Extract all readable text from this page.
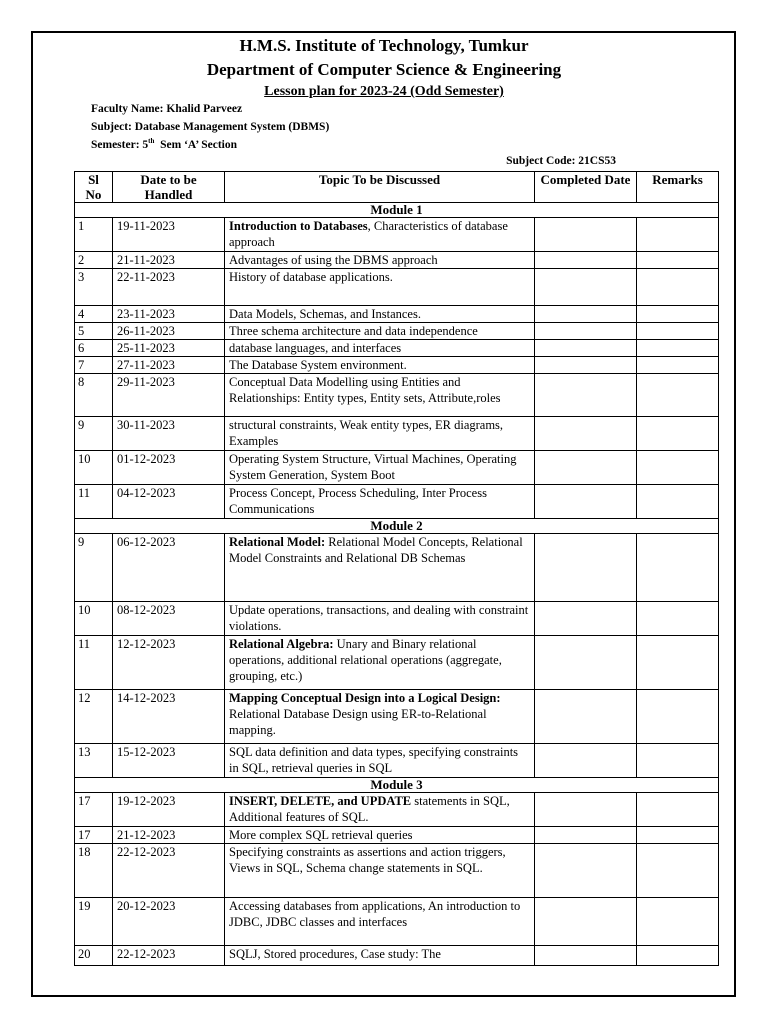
H.M.S. Institute of Technology, Tumkur
Department of Computer Science & Engineering
Lesson plan for 2023-24 (Odd Semester)
Faculty Name: Khalid Parveez
Subject: Database Management System (DBMS)
Semester: 5th  Sem ‘A’ Section
Subject Code: 21CS53
Sl No	Date to be Handled	Topic To be Discussed	Completed Date	Remarks
Module 1				
1	19-11-2023	Introduction to Databases, Characteristics of database approach		
2	21-11-2023	Advantages of using the DBMS approach		
3	22-11-2023	History of database applications.		
4	23-11-2023	Data Models, Schemas, and Instances.		
5	26-11-2023	Three schema architecture and data independence		
6	25-11-2023	database languages, and interfaces		
7	27-11-2023	The Database System environment.		
8	29-11-2023	Conceptual Data Modelling using Entities and Relationships: Entity types, Entity sets, Attribute,roles		
9	30-11-2023	structural constraints, Weak entity types, ER diagrams, Examples		
10	01-12-2023	Operating System Structure, Virtual Machines, Operating System Generation, System Boot		
11	04-12-2023	Process Concept, Process Scheduling, Inter Process Communications		
Module 2				
9	06-12-2023	Relational Model: Relational Model Concepts, Relational Model Constraints and Relational DB Schemas		
10	08-12-2023	Update operations, transactions, and dealing with constraint violations.		
11	12-12-2023	Relational Algebra: Unary and Binary relational operations, additional relational operations (aggregate, grouping, etc.)		
12	14-12-2023	Mapping Conceptual Design into a Logical Design: Relational Database Design using ER-to-Relational mapping.		
13	15-12-2023	SQL data definition and data types, specifying constraints in SQL, retrieval queries in SQL		
Module 3				
17	19-12-2023	INSERT, DELETE, and UPDATE statements in SQL, Additional features of SQL.		
17	21-12-2023	More complex SQL retrieval queries		
18	22-12-2023	Specifying constraints as assertions and action triggers, Views in SQL, Schema change statements in SQL.		
19	20-12-2023	Accessing databases from applications, An introduction to JDBC, JDBC classes and interfaces		
20	22-12-2023	SQLJ, Stored procedures, Case study: The		
